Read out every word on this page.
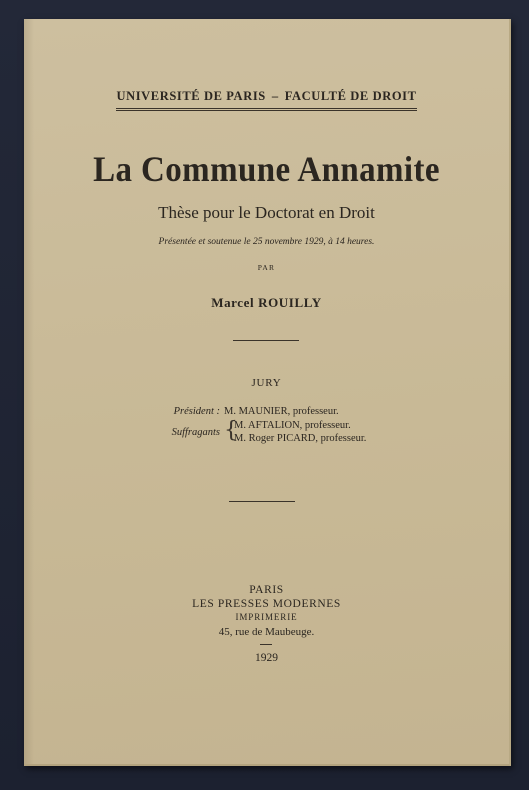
UNIVERSITÉ DE PARIS – FACULTÉ DE DROIT
La Commune Annamite
Thèse pour le Doctorat en Droit
Présentée et soutenue le 25 novembre 1929, à 14 heures.
PAR
Marcel ROUILLY
JURY
Président : M. MAUNIER, professeur.
Suffragants {
M. AFTALION, professeur.
M. Roger PICARD, professeur.
PARIS
LES PRESSES MODERNES
IMPRIMERIE
45, rue de Maubeuge.
1929
